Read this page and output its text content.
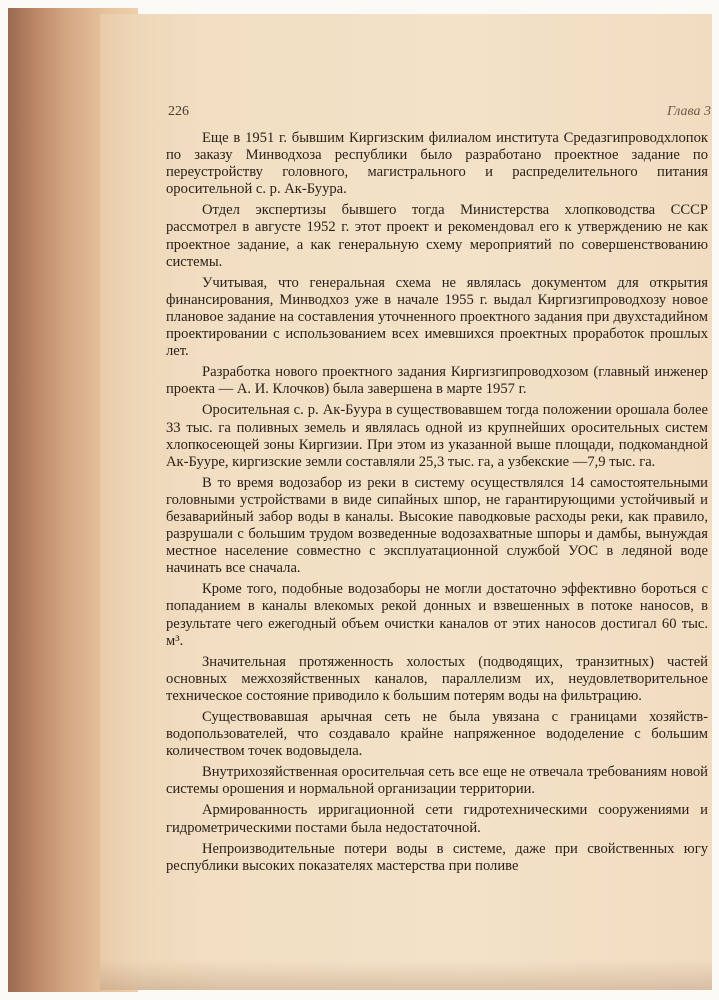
226	Глава 3

Еще в 1951 г. бывшим Киргизским филиалом института Средазгипроводхлопок по заказу Минводхоза республики было разработано проектное задание по переустройству головного, магистрального и распределительного питания оросительной с. р. Ак-Буура.

Отдел экспертизы бывшего тогда Министерства хлопководства СССР рассмотрел в августе 1952 г. этот проект и рекомендовал его к утверждению не как проектное задание, а как генеральную схему мероприятий по совершенствованию системы.

Учитывая, что генеральная схема не являлась документом для открытия финансирования, Минводхоз уже в начале 1955 г. выдал Киргизгипроводхозу новое плановое задание на составления уточненного проектного задания при двухстадийном проектировании с использованием всех имевшихся проектных проработок прошлых лет.

Разработка нового проектного задания Киргизгипроводхозом (главный инженер проекта — А. И. Клочков) была завершена в марте 1957 г.

Оросительная с. р. Ак-Буура в существовавшем тогда положении орошала более 33 тыс. га поливных земель и являлась одной из крупнейших оросительных систем хлопкосеющей зоны Киргизии. При этом из указанной выше площади, подкомандной Ак-Бууре, киргизские земли составляли 25,3 тыс. га, а узбекские —7,9 тыс. га.

В то время водозабор из реки в систему осуществлялся 14 самостоятельными головными устройствами в виде сипайных шпор, не гарантирующими устойчивый и безаварийный забор воды в каналы. Высокие паводковые расходы реки, как правило, разрушали с большим трудом возведенные водозахватные шпоры и дамбы, вынуждая местное население совместно с эксплуатационной службой УОС в ледяной воде начинать все сначала.

Кроме того, подобные водозаборы не могли достаточно эффективно бороться с попаданием в каналы влекомых рекой донных и взвешенных в потоке наносов, в результате чего ежегодный объем очистки каналов от этих наносов достигал 60 тыс. м³.

Значительная протяженность холостых (подводящих, транзитных) частей основных межхозяйственных каналов, параллелизм их, неудовлетворительное техническое состояние приводило к большим потерям воды на фильтрацию.

Существовавшая арычная сеть не была увязана с границами хозяйств-водопользователей, что создавало крайне напряженное вододеление с большим количеством точек водовыдела.

Внутрихозяйственная оросительчая сеть все еще не отвечала требованиям новой системы орошения и нормальной организации территории.

Армированность ирригационной сети гидротехническими сооружениями и гидрометрическими постами была недостаточной.

Непроизводительные потери воды в системе, даже при свойственных югу республики высоких показателях мастерства при поливе
